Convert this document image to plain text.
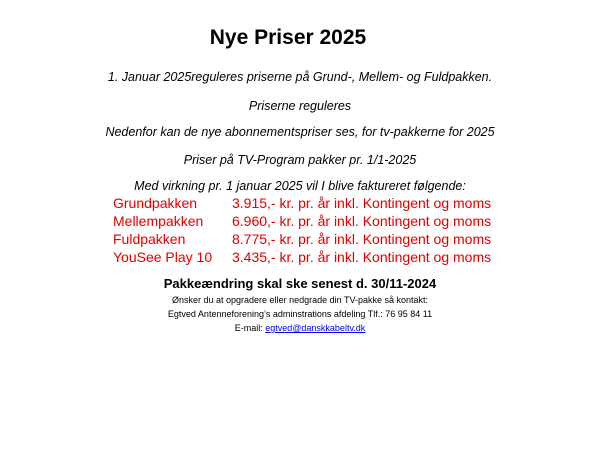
Nye Priser 2025
1. Januar 2025reguleres priserne på Grund-, Mellem- og Fuldpakken.
Priserne reguleres
Nedenfor kan de nye abonnementspriser ses, for tv-pakkerne for 2025
Priser på TV-Program pakker pr. 1/1-2025
Med virkning pr. 1 januar 2025 vil I blive faktureret følgende:
Grundpakken 3.915,- kr. pr. år inkl. Kontingent og moms
Mellempakken 6.960,- kr. pr. år inkl. Kontingent og moms
Fuldpakken	8.775,- kr. pr. år inkl. Kontingent og moms
YouSee Play 10 3.435,- kr. pr. år inkl. Kontingent og moms
Pakkeændring skal ske senest d. 30/11-2024
Ønsker du at opgradere eller nedgrade din TV-pakke så kontakt:
Egtved Antenneforening’s adminstrations afdeling Tlf.: 76 95 84 11
E-mail: egtved@danskkabeltv.dk
